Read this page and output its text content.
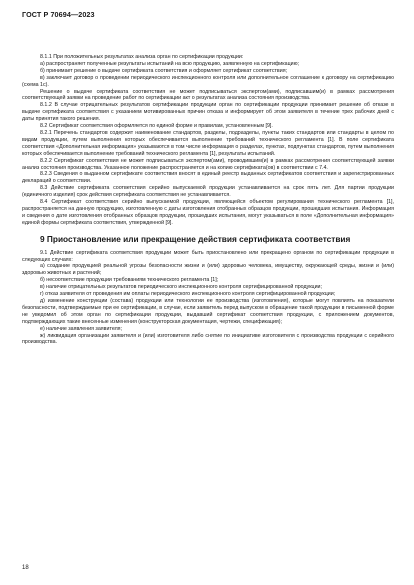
ГОСТ Р 70694—2023

8.1.1 При положительных результатах анализа орган по сертификации продукции:

а) распространяет полученные результаты испытаний на всю продукцию, заявленную на сертификацию;

б) принимает решение о выдаче сертификата соответствия и оформляет сертификат соответствия;

в) заключает договор о проведении периодического инспекционного контроля или дополнительное соглашение к договору на сертификацию (схема 1с).

Решение о выдаче сертификата соответствия не может подписываться экспертом(ами), подписавшим(и) в рамках рассмотрения соответствующей заявки на проведение работ по сертификации акт о результатах анализа состояния производства.

8.1.2 В случае отрицательных результатов сертификации продукции орган по сертификации продукции принимает решение об отказе в выдаче сертификата соответствия с указанием мотивированных причин отказа и информирует об этом заявителя в течение трех рабочих дней с даты принятия такого решения.

8.2 Сертификат соответствия оформляется по единой форме и правилам, установленным [9].

8.2.1 Перечень стандартов содержит наименование стандартов, разделы, подразделы, пункты таких стандартов или стандарты в целом по видам продукции, путем выполнения которых обеспечивается выполнение требований технического регламента [1]. В поле сертификата соответствия «Дополнительная информация» указываются в том числе информация о разделах, пунктах, подпунктах стандартов, путем выполнения которых обеспечивается выполнение требований технического регламента [1], результаты испытаний.

8.2.2 Сертификат соответствия не может подписываться экспертом(ами), проводившим(и) в рамках рассмотрения соответствующей заявки анализ состояния производства. Указанное положение распространяется и на копию сертификата(ов) в соответствии с 7.4.

8.2.3 Сведения о выданном сертификате соответствия вносят в единый реестр выданных сертификатов соответствия и зарегистрированных деклараций о соответствии.

8.3 Действие сертификата соответствия серийно выпускаемой продукции устанавливается на срок пять лет. Для партии продукции (единичного изделия) срок действия сертификата соответствия не устанавливается.

8.4 Сертификат соответствия серийно выпускаемой продукции, являющейся объектом регулирования технического регламента [1], распространяется на данную продукцию, изготовленную с даты изготовления отобранных образцов продукции, прошедших испытания. Информация и сведения о дате изготовления отобранных образцов продукции, прошедших испытания, могут указываться в поле «Дополнительная информация» единой формы сертификата соответствия, утвержденной [9].

9 Приостановление или прекращение действия сертификата соответствия

9.1 Действие сертификата соответствия продукции может быть приостановлено или прекращено органом по сертификации продукции в следующих случаях:

а) создание продукцией реальной угрозы безопасности жизни и (или) здоровью человека, имуществу, окружающей среды, жизни и (или) здоровью животных и растений;

б) несоответствие продукции требованиям технического регламента [1];

в) наличие отрицательных результатов периодического инспекционного контроля сертифицированной продукции;

г) отказ заявителя от проведения им оплаты периодического инспекционного контроля сертифицированной продукции;

д) изменение конструкции (состава) продукции или технологии ее производства (изготовления), которые могут повлиять на показатели безопасности, подтверждаемые при ее сертификации, в случае, если заявитель перед выпуском в обращение такой продукции в письменной форме не уведомил об этом орган по сертификации продукции, выдавший сертификат соответствия продукции, с приложением документов, подтверждающих такие внесенные изменения (конструкторская документация, чертежи, спецификация);

е) наличие заявления заявителя;

ж) ликвидация организации заявителя и (или) изготовителя либо снятие по инициативе изготовителя с производства продукции с серийного производства.

18
